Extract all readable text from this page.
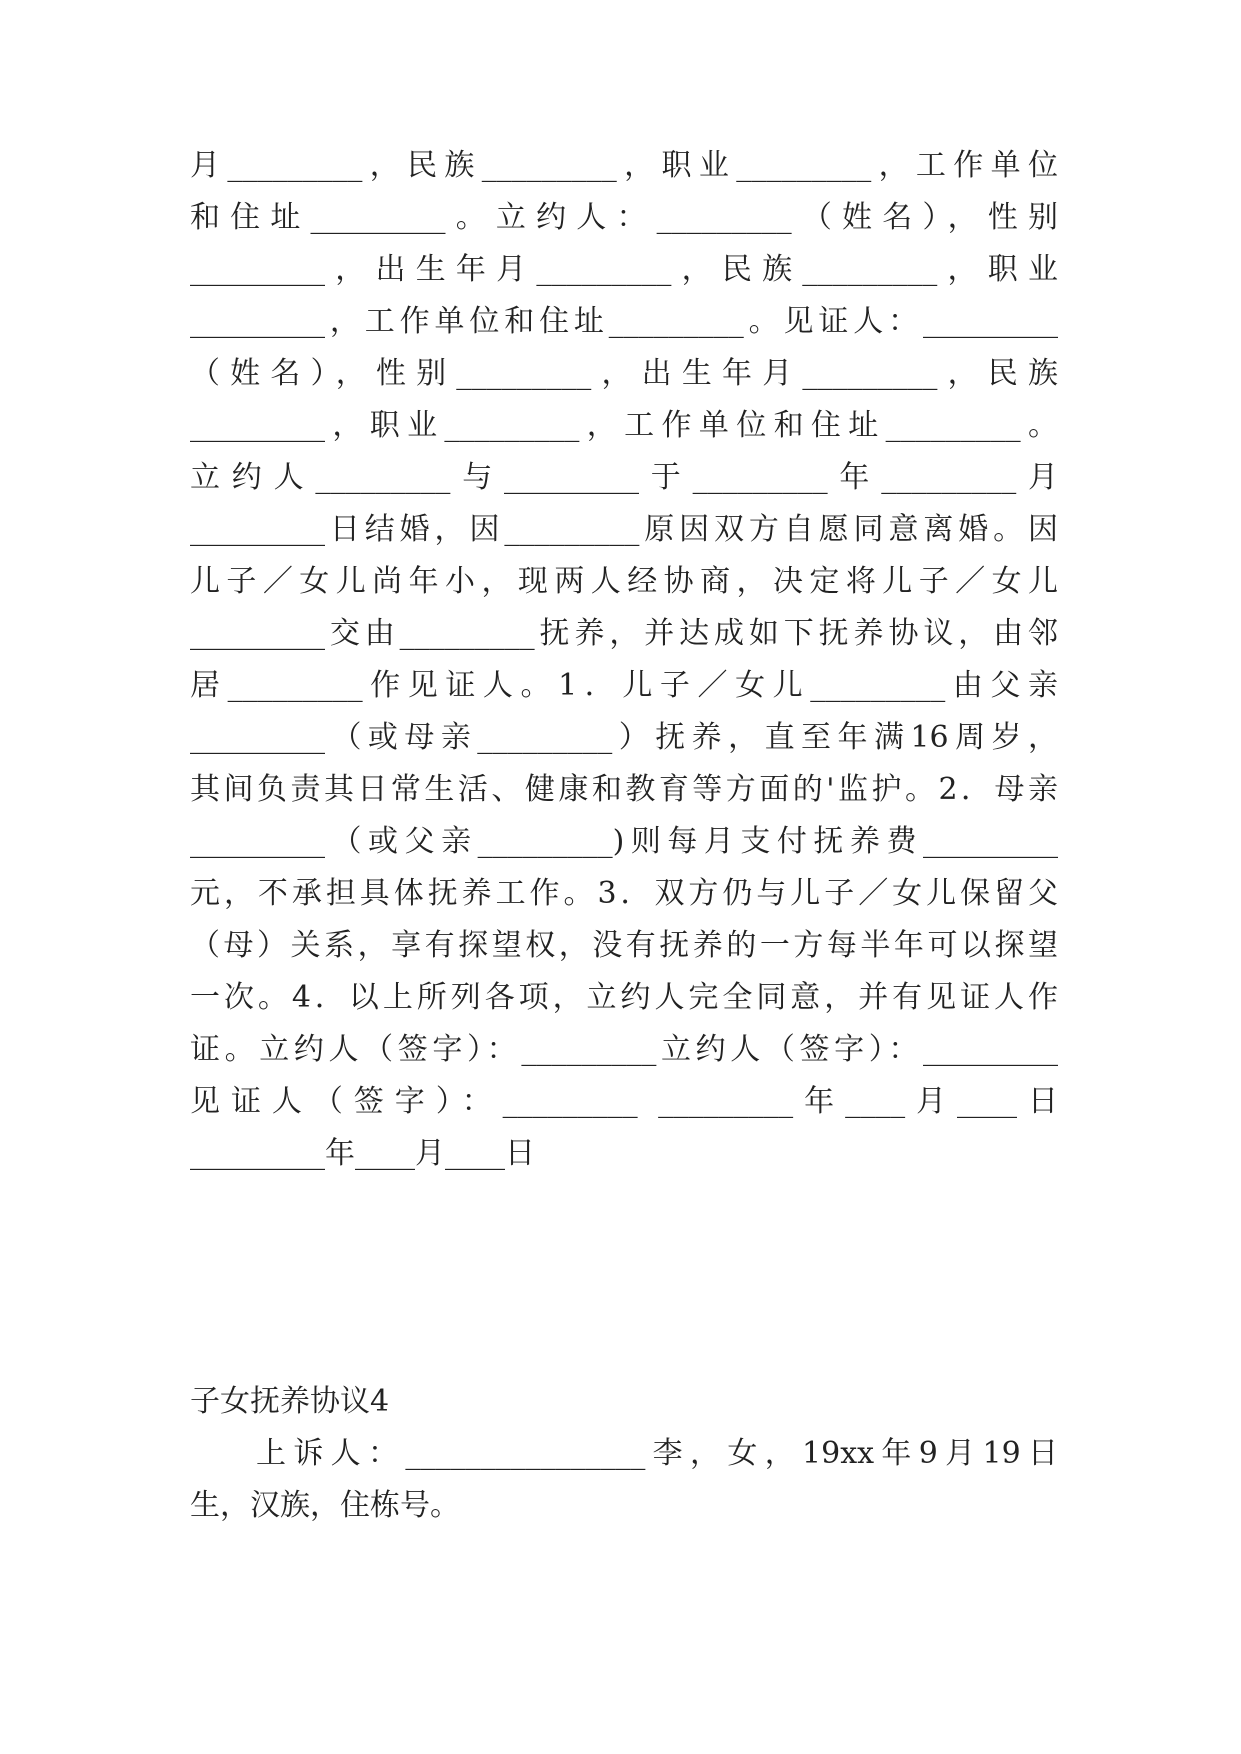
月_________，民族_________，职业_________，工作单位
和住址_________。立约人：_________（姓名），性别
_________，出生年月_________，民族_________，职业
_________，工作单位和住址_________。见证人：_________
（姓名），性别_________，出生年月_________，民族
_________，职业_________，工作单位和住址_________。
立约人_________与_________于_________年_________月
_________日结婚，因_________原因双方自愿同意离婚。因
儿子／女儿尚年小，现两人经协商，决定将儿子／女儿
_________交由_________抚养，并达成如下抚养协议，由邻
居_________作见证人。1．儿子／女儿_________由父亲
_________（或母亲_________）抚养，直至年满16周岁，
其间负责其日常生活、健康和教育等方面的'监护。2．母亲
_________（或父亲_________)则每月支付抚养费_________
元，不承担具体抚养工作。3．双方仍与儿子／女儿保留父
（母）关系，享有探望权，没有抚养的一方每半年可以探望
一次。4．以上所列各项，立约人完全同意，并有见证人作
证。立约人（签字）：_________立约人（签字）：_________
见证人（签字）：_________ _________年____月____日
_________年____月____日
子女抚养协议4
上诉人：________________李，女，19xx年9月19日
生，汉族，住栋号。
